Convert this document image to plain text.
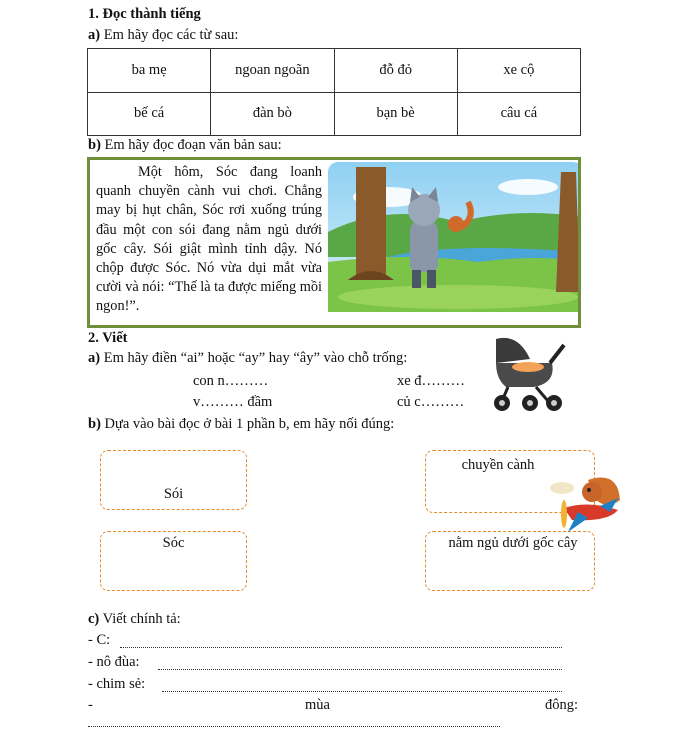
1. Đọc thành tiếng
a) Em hãy đọc các từ sau:
ba mẹ	ngoan ngoãn	đỗ đỏ	xe cộ
bế cá	đàn bò	bạn bè	câu cá
b) Em hãy đọc đoạn văn bản sau:

Một hôm, Sóc đang loanh quanh chuyền cành vui chơi. Chẳng may bị hụt chân, Sóc rơi xuống trúng đầu một con sói đang nằm ngủ dưới gốc cây. Sói giật mình tỉnh dậy. Nó chộp được Sóc. Nó vừa dụi mắt vừa cười và nói: “Thế là ta được miếng mồi ngon!”.

2. Viết
a) Em hãy điền “ai” hoặc “ay” hay “ây” vào chỗ trống:
con n………	xe đ………
v……… đầm	củ c………
b) Dựa vào bài đọc ở bài 1 phần b, em hãy nối đúng:
Sói
Sóc
chuyền cành
nằm ngủ dưới gốc cây
c) Viết chính tả:
- C:
- nô đùa:
- chim sẻ:
-	mùa	đông:
